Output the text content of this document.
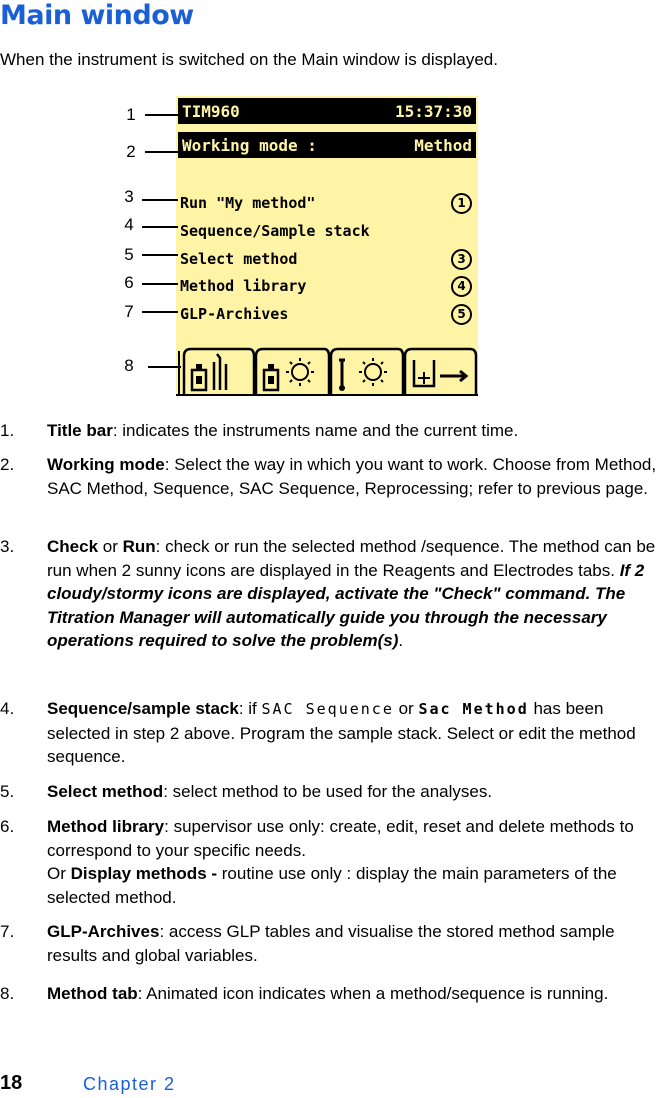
Main window
When the instrument is switched on the Main window is displayed.
TIM960	15:37:30
Working mode :	Method
Run "My method"	1
Sequence/Sample stack
Select method	3
Method library	4
GLP-Archives	5
1
2
3
4
5
6
7
8
1. Title bar: indicates the instruments name and the current time.
2. Working mode: Select the way in which you want to work. Choose from Method, SAC Method, Sequence, SAC Sequence, Reprocessing; refer to previous page.
3. Check or Run: check or run the selected method /sequence. The method can be run when 2 sunny icons are displayed in the Reagents and Electrodes tabs. If 2 cloudy/stormy icons are displayed, activate the "Check" command. The Titration Manager will automatically guide you through the necessary operations required to solve the problem(s).
4. Sequence/sample stack: if SAC Sequence or Sac Method has been selected in step 2 above. Program the sample stack. Select or edit the method sequence.
5. Select method: select method to be used for the analyses.
6. Method library: supervisor use only: create, edit, reset and delete methods to correspond to your specific needs.
Or Display methods - routine use only : display the main parameters of the selected method.
7. GLP-Archives: access GLP tables and visualise the stored method sample results and global variables.
8. Method tab: Animated icon indicates when a method/sequence is running.
18	Chapter 2
